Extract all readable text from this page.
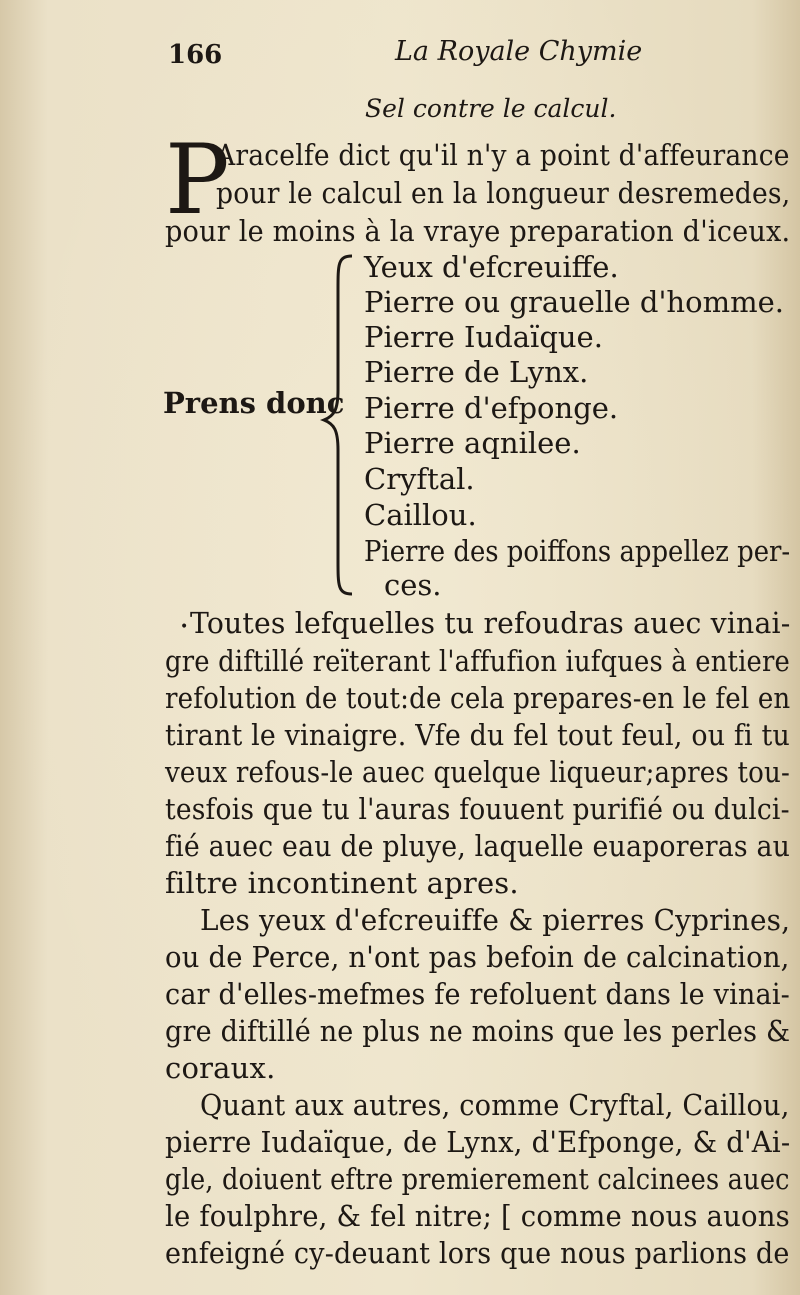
166	La Royale Chymie
Sel contre le calcul.
P
Aracelfe dict qu'il n'y a point d'affeurance
pour le calcul en la longueur desremedes,
pour le moins à la vraye preparation d'iceux.
Prens donc
Yeux d'efcreuiffe.
Pierre ou grauelle d'homme.
Pierre Iudaïque.
Pierre de Lynx.
Pierre d'efponge.
Pierre aqnilee.
Cryftal.
Caillou.
Pierre des poiffons appellez per-
ces.
• Toutes lefquelles tu refoudras auec vinai-
gre diftillé reïterant l'affufion iufques à entiere
refolution de tout:de cela prepares-en le fel en
tirant le vinaigre. Vfe du fel tout feul, ou fi tu
veux refous-le auec quelque liqueur;apres tou-
tesfois que tu l'auras fouuent purifié ou dulci-
fié auec eau de pluye, laquelle euaporeras au
filtre incontinent apres.
Les yeux d'efcreuiffe & pierres Cyprines,
ou de Perce, n'ont pas befoin de calcination,
car d'elles-mefmes fe refoluent dans le vinai-
gre diftillé ne plus ne moins que les perles &
coraux.
Quant aux autres, comme Cryftal, Caillou,
pierre Iudaïque, de Lynx, d'Efponge, & d'Ai-
gle, doiuent eftre premierement calcinees auec
le foulphre, & fel nitre; [ comme nous auons
enfeigné cy-deuant lors que nous parlions de
